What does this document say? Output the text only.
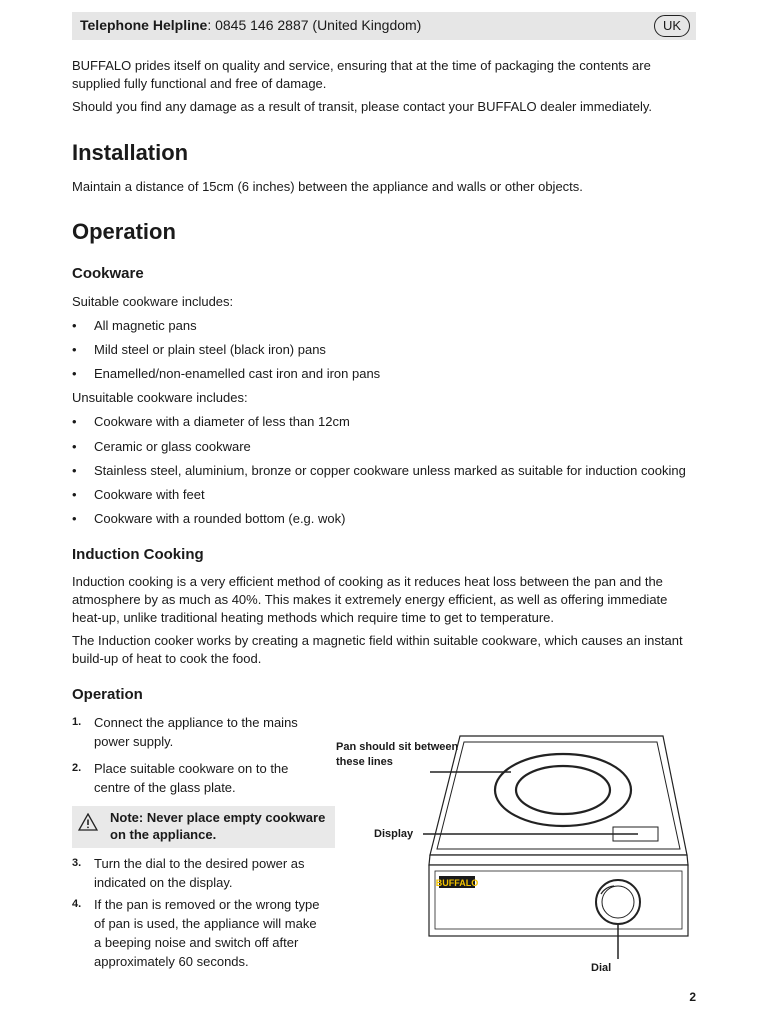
Telephone Helpline: 0845 146 2887 (United Kingdom)	UK

BUFFALO prides itself on quality and service, ensuring that at the time of packaging the contents are supplied fully functional and free of damage.

Should you find any damage as a result of transit, please contact your BUFFALO dealer immediately.

Installation

Maintain a distance of 15cm (6 inches) between the appliance and walls or other objects.

Operation
Cookware
Suitable cookware includes:
• All magnetic pans
• Mild steel or plain steel (black iron) pans
• Enamelled/non-enamelled cast iron and iron pans
Unsuitable cookware includes:
• Cookware with a diameter of less than 12cm
• Ceramic or glass cookware
• Stainless steel, aluminium, bronze or copper cookware unless marked as suitable for induction cooking
• Cookware with feet
• Cookware with a rounded bottom (e.g. wok)
Induction Cooking

Induction cooking is a very efficient method of cooking as it reduces heat loss between the pan and the atmosphere by as much as 40%. This makes it extremely energy efficient, as well as offering immediate heat-up, unlike traditional heating methods which require time to get to temperature.

The Induction cooker works by creating a magnetic field within suitable cookware, which causes an instant build-up of heat to cook the food.

Operation
1. Connect the appliance to the mains power supply.
2. Place suitable cookware on to the centre of the glass plate.
Note: Never place empty cookware on the appliance.
3. Turn the dial to the desired power as indicated on the display.
4. If the pan is removed or the wrong type of pan is used, the appliance will make a beeping noise and switch off after approximately 60 seconds.
BUFFALO
Pan should sit between these lines
Display
Dial
2
